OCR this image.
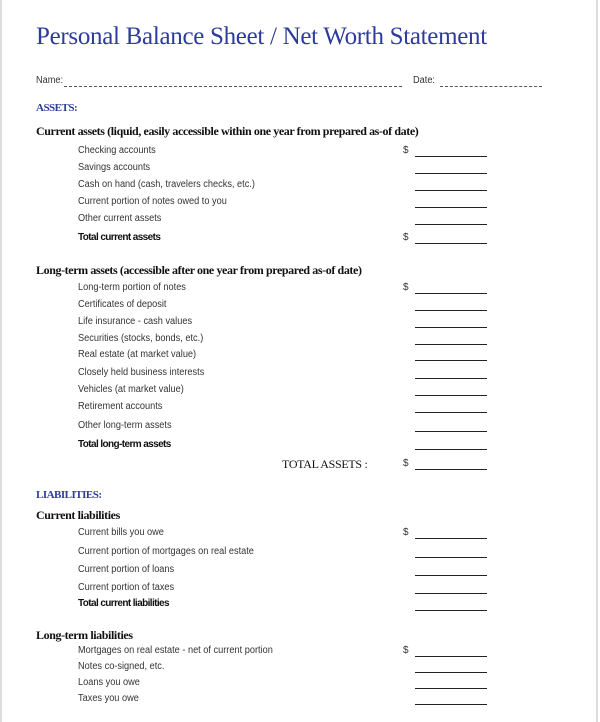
Personal Balance Sheet / Net Worth Statement
Name:	Date:
ASSETS:
Current assets (liquid, easily accessible within one year from prepared as-of date)
Checking accounts	$
Savings accounts
Cash on hand (cash, travelers checks, etc.)
Current portion of notes owed to you
Other current assets
Total current assets	$
Long-term assets (accessible after one year from prepared as-of date)
Long-term portion of notes	$
Certificates of deposit
Life insurance - cash values
Securities (stocks, bonds, etc.)
Real estate (at market value)
Closely held business interests
Vehicles (at market value)
Retirement accounts
Other long-term assets
Total long-term assets
TOTAL ASSETS :	$
LIABILITIES:
Current liabilities
Current bills you owe	$
Current portion of mortgages on real estate
Current portion of loans
Current portion of taxes
Total current liabilities
Long-term liabilities
Mortgages on real estate - net of current portion	$
Notes co-signed, etc.
Loans you owe
Taxes you owe
